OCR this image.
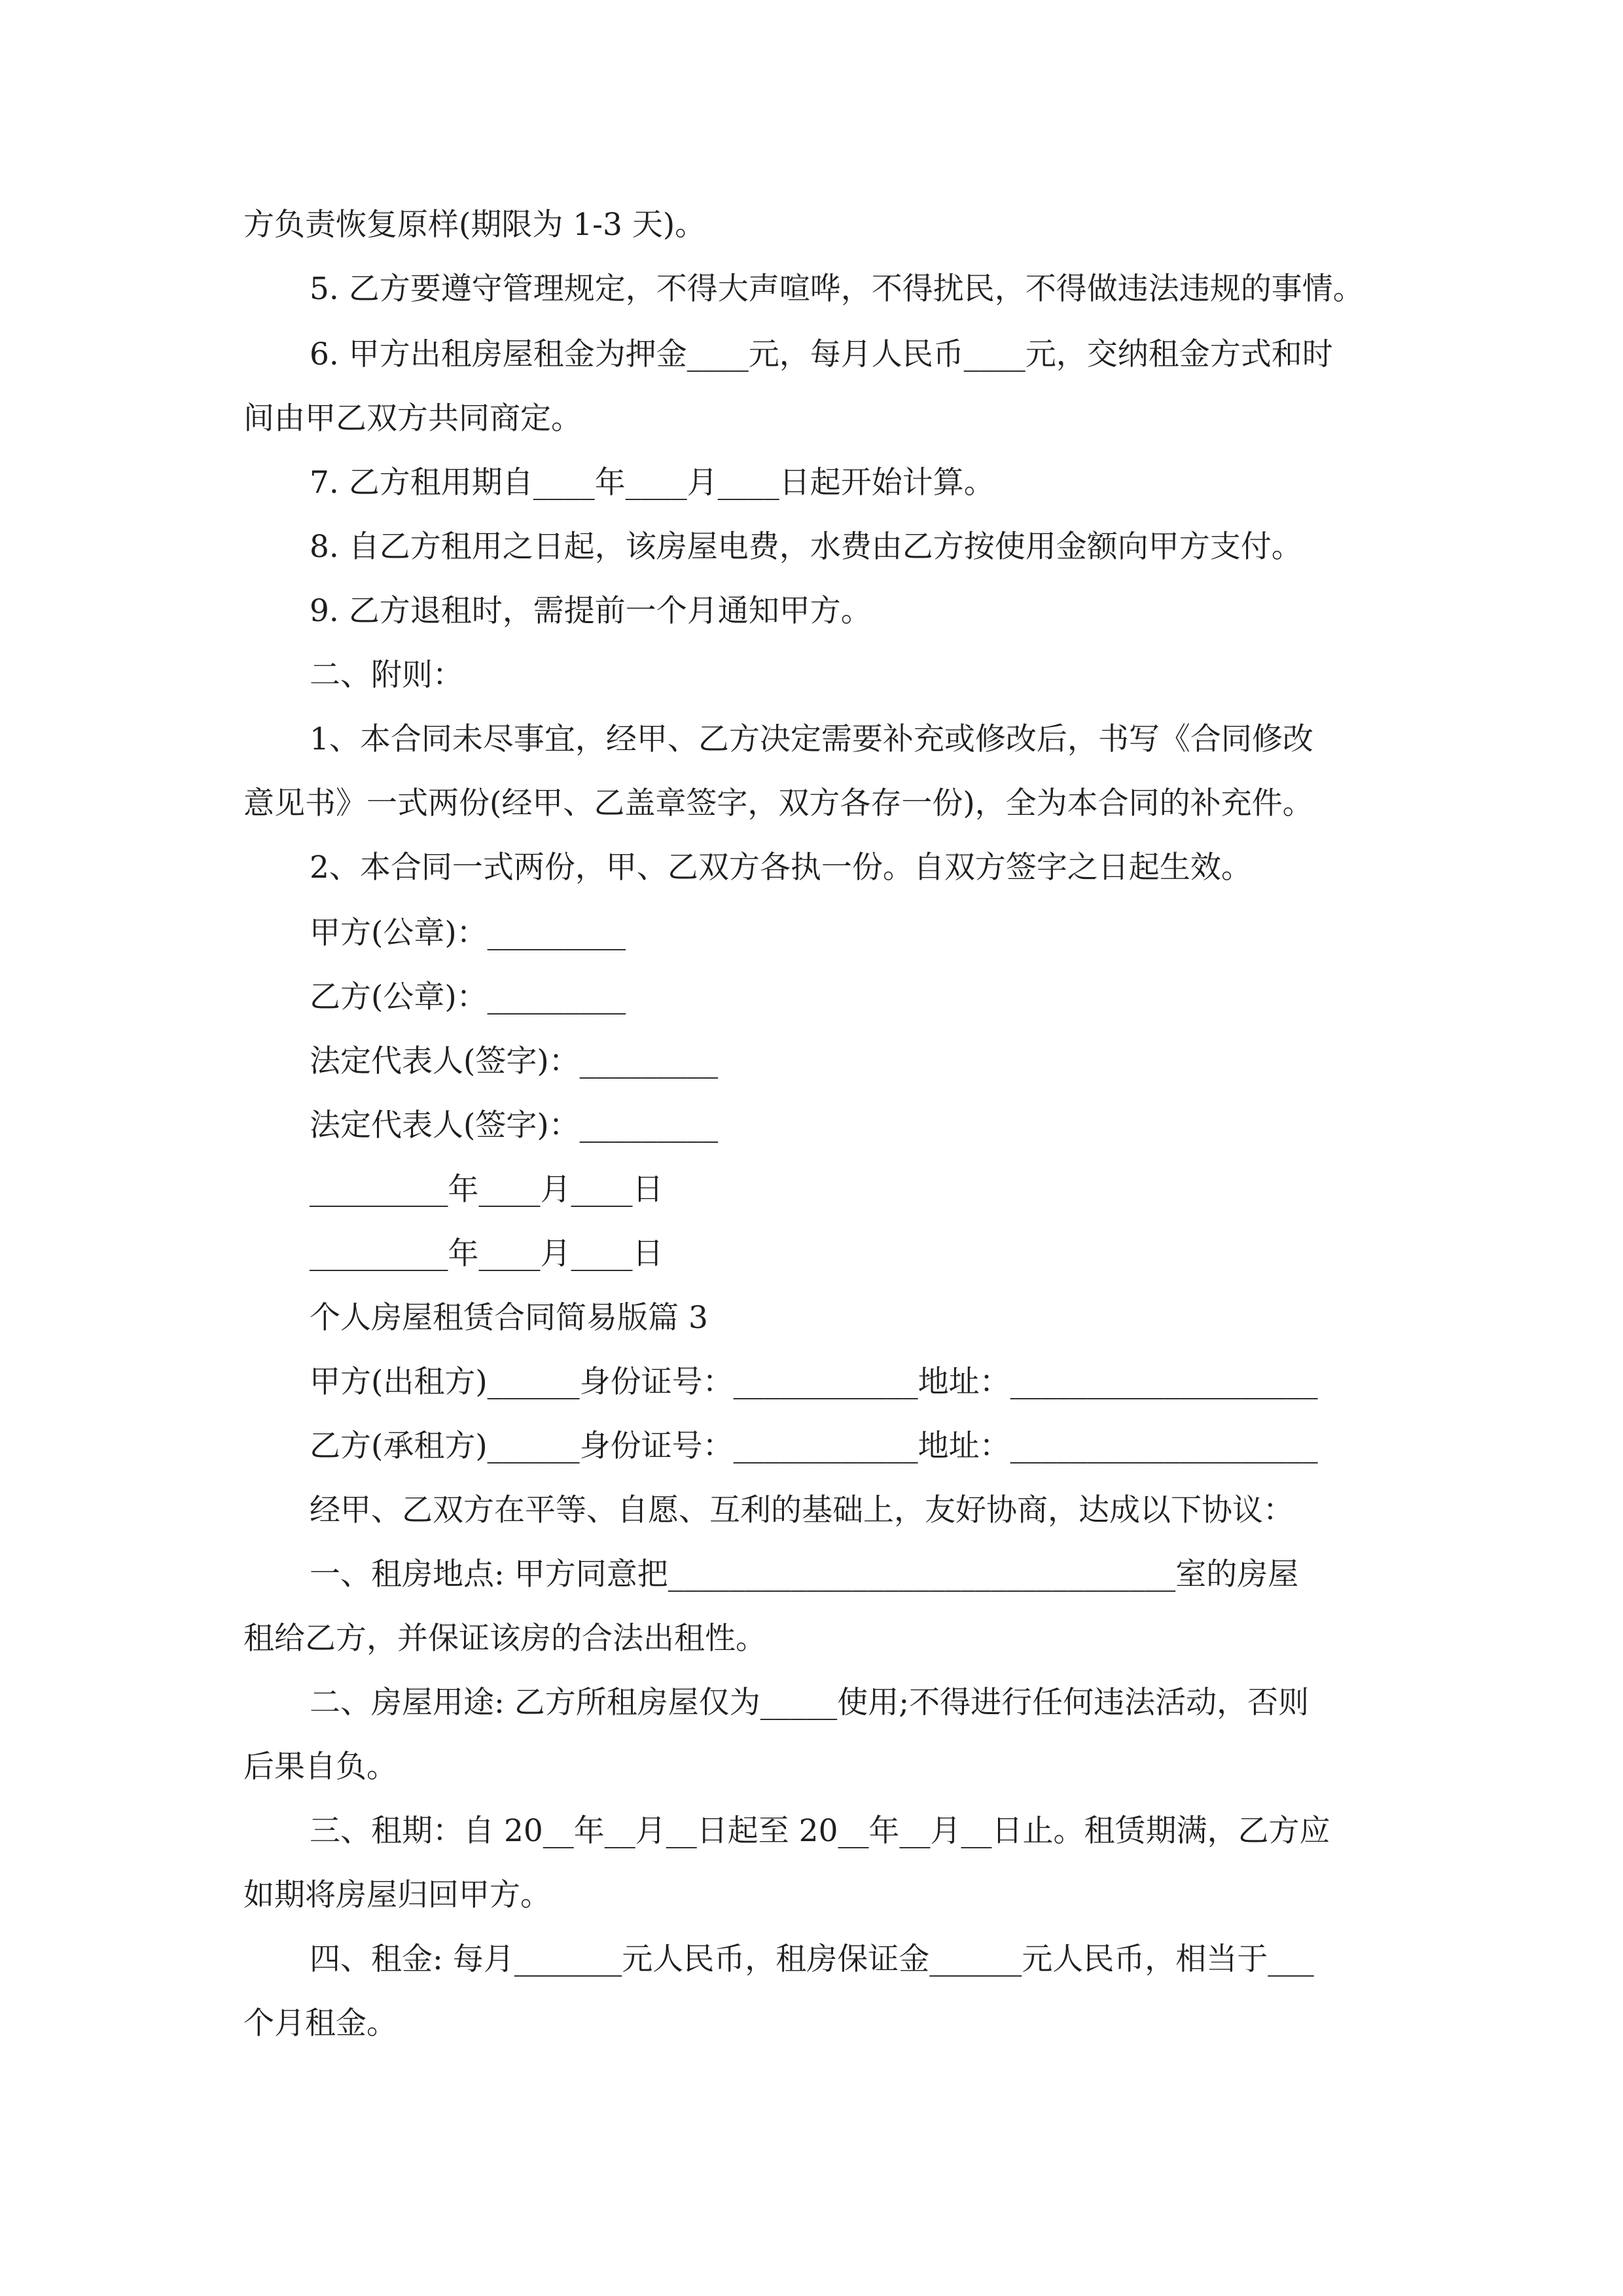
方负责恢复原样(期限为 1-3 天)。

5. 乙方要遵守管理规定，不得大声喧哗，不得扰民，不得做违法违规的事情。

6. 甲方出租房屋租金为押金____元，每月人民币____元，交纳租金方式和时

间由甲乙双方共同商定。

7. 乙方租用期自____年____月____日起开始计算。

8. 自乙方租用之日起，该房屋电费，水费由乙方按使用金额向甲方支付。

9. 乙方退租时，需提前一个月通知甲方。

二、附则：

1、本合同未尽事宜，经甲、乙方决定需要补充或修改后，书写《合同修改

意见书》一式两份(经甲、乙盖章签字，双方各存一份)，全为本合同的补充件。

2、本合同一式两份，甲、乙双方各执一份。自双方签字之日起生效。

甲方(公章)：_________

乙方(公章)：_________

法定代表人(签字)：_________

法定代表人(签字)：_________

_________年____月____日

_________年____月____日

个人房屋租赁合同简易版篇 3

甲方(出租方)______身份证号：____________地址：____________________

乙方(承租方)______身份证号：____________地址：____________________

经甲、乙双方在平等、自愿、互利的基础上，友好协商，达成以下协议：

一、租房地点: 甲方同意把_________________________________室的房屋

租给乙方，并保证该房的合法出租性。

二、房屋用途: 乙方所租房屋仅为_____使用;不得进行任何违法活动，否则

后果自负。

三、租期：自 20__年__月__日起至 20__年__月__日止。租赁期满，乙方应

如期将房屋归回甲方。

四、租金: 每月_______元人民币，租房保证金______元人民币，相当于___

个月租金。
